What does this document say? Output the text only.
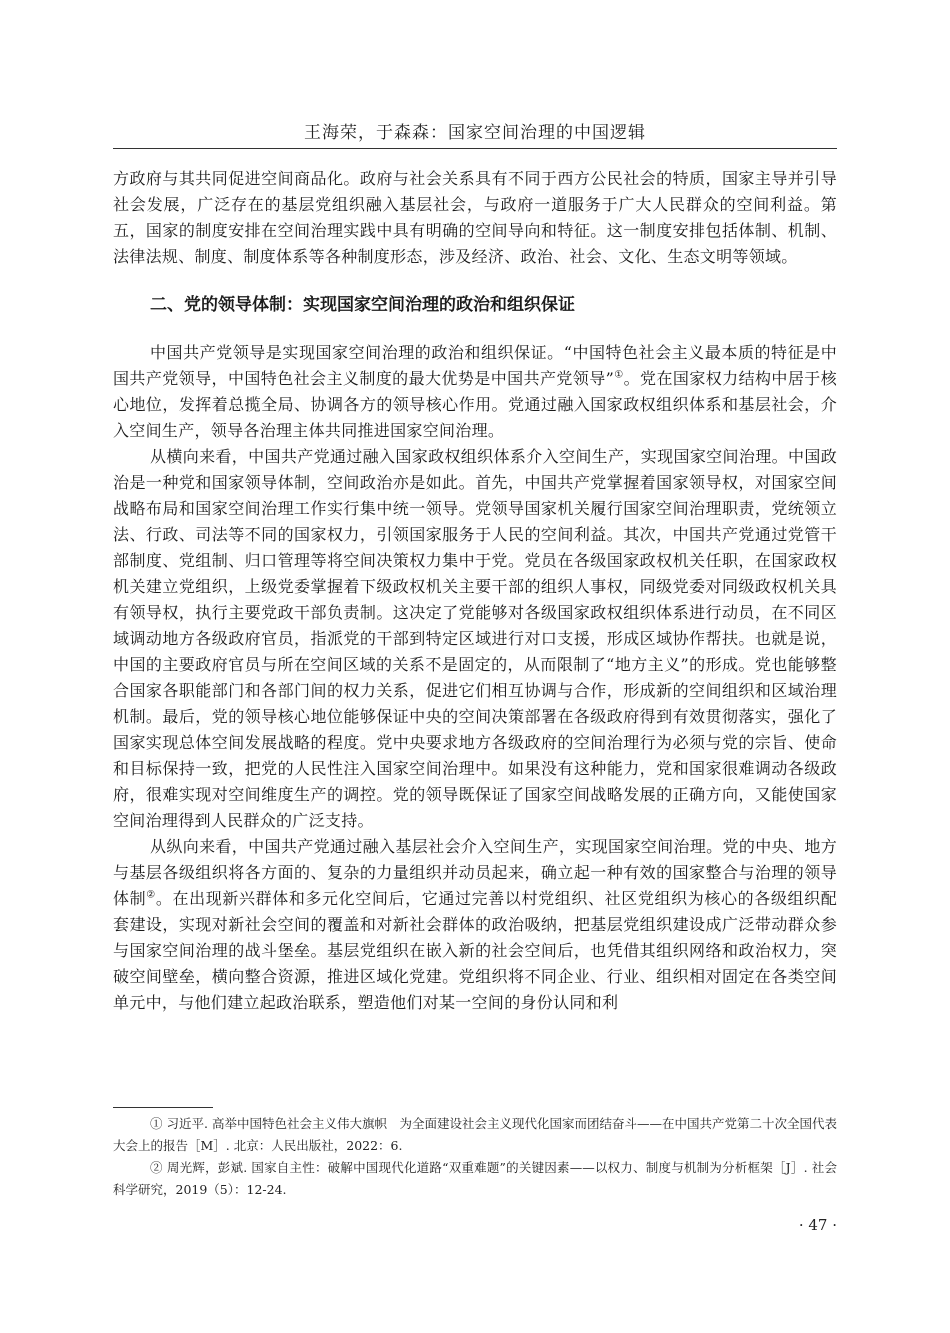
王海荣，于森森：国家空间治理的中国逻辑

方政府与其共同促进空间商品化。政府与社会关系具有不同于西方公民社会的特质，国家主导并引导社会发展，广泛存在的基层党组织融入基层社会，与政府一道服务于广大人民群众的空间利益。第五，国家的制度安排在空间治理实践中具有明确的空间导向和特征。这一制度安排包括体制、机制、法律法规、制度、制度体系等各种制度形态，涉及经济、政治、社会、文化、生态文明等领域。

二、党的领导体制：实现国家空间治理的政治和组织保证

中国共产党领导是实现国家空间治理的政治和组织保证。“中国特色社会主义最本质的特征是中国共产党领导，中国特色社会主义制度的最大优势是中国共产党领导”①。党在国家权力结构中居于核心地位，发挥着总揽全局、协调各方的领导核心作用。党通过融入国家政权组织体系和基层社会，介入空间生产，领导各治理主体共同推进国家空间治理。

从横向来看，中国共产党通过融入国家政权组织体系介入空间生产，实现国家空间治理。中国政治是一种党和国家领导体制，空间政治亦是如此。首先，中国共产党掌握着国家领导权，对国家空间战略布局和国家空间治理工作实行集中统一领导。党领导国家机关履行国家空间治理职责，党统领立法、行政、司法等不同的国家权力，引领国家服务于人民的空间利益。其次，中国共产党通过党管干部制度、党组制、归口管理等将空间决策权力集中于党。党员在各级国家政权机关任职，在国家政权机关建立党组织，上级党委掌握着下级政权机关主要干部的组织人事权，同级党委对同级政权机关具有领导权，执行主要党政干部负责制。这决定了党能够对各级国家政权组织体系进行动员，在不同区域调动地方各级政府官员，指派党的干部到特定区域进行对口支援，形成区域协作帮扶。也就是说，中国的主要政府官员与所在空间区域的关系不是固定的，从而限制了“地方主义”的形成。党也能够整合国家各职能部门和各部门间的权力关系，促进它们相互协调与合作，形成新的空间组织和区域治理机制。最后，党的领导核心地位能够保证中央的空间决策部署在各级政府得到有效贯彻落实，强化了国家实现总体空间发展战略的程度。党中央要求地方各级政府的空间治理行为必须与党的宗旨、使命和目标保持一致，把党的人民性注入国家空间治理中。如果没有这种能力，党和国家很难调动各级政府，很难实现对空间维度生产的调控。党的领导既保证了国家空间战略发展的正确方向，又能使国家空间治理得到人民群众的广泛支持。

从纵向来看，中国共产党通过融入基层社会介入空间生产，实现国家空间治理。党的中央、地方与基层各级组织将各方面的、复杂的力量组织并动员起来，确立起一种有效的国家整合与治理的领导体制②。在出现新兴群体和多元化空间后，它通过完善以村党组织、社区党组织为核心的各级组织配套建设，实现对新社会空间的覆盖和对新社会群体的政治吸纳，把基层党组织建设成广泛带动群众参与国家空间治理的战斗堡垒。基层党组织在嵌入新的社会空间后，也凭借其组织网络和政治权力，突破空间壁垒，横向整合资源，推进区域化党建。党组织将不同企业、行业、组织相对固定在各类空间单元中，与他们建立起政治联系，塑造他们对某一空间的身份认同和利

① 习近平. 高举中国特色社会主义伟大旗帜　为全面建设社会主义现代化国家而团结奋斗——在中国共产党第二十次全国代表大会上的报告［M］. 北京：人民出版社，2022：6.

② 周光辉，彭斌. 国家自主性：破解中国现代化道路“双重难题”的关键因素——以权力、制度与机制为分析框架［J］. 社会科学研究，2019（5）：12-24.

· 47 ·
